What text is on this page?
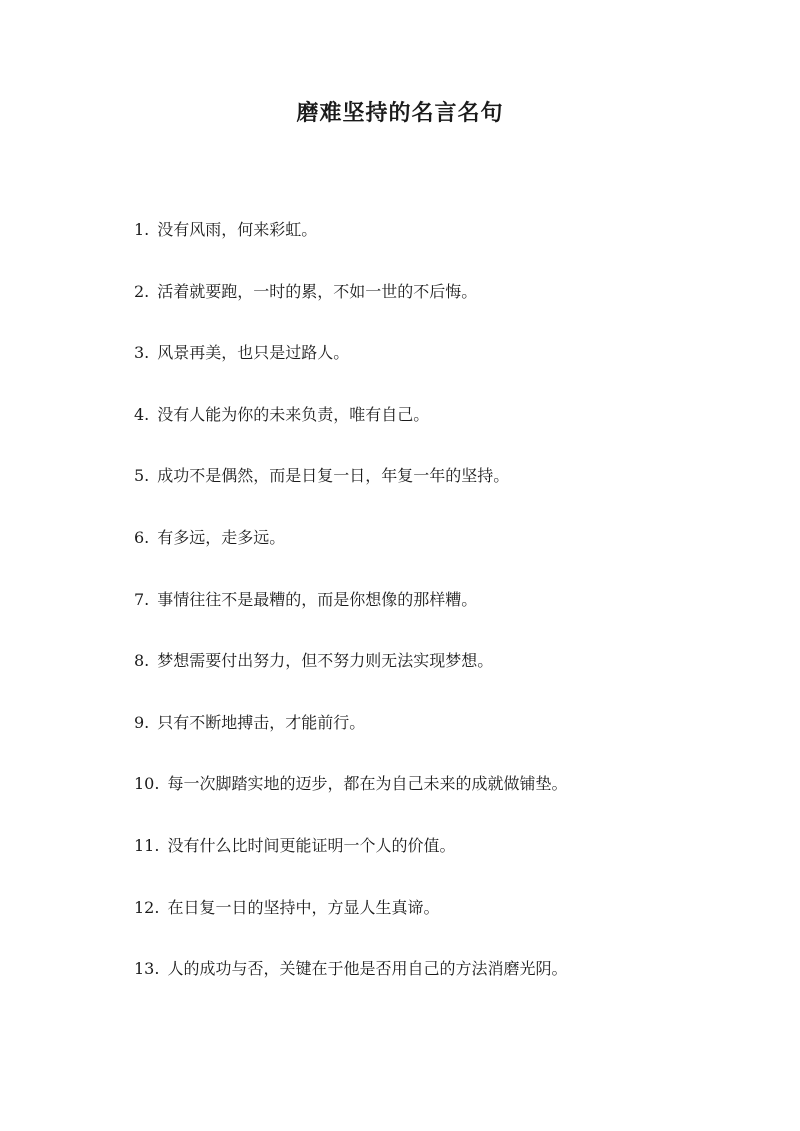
磨难坚持的名言名句
1. 没有风雨，何来彩虹。
2. 活着就要跑，一时的累，不如一世的不后悔。
3. 风景再美，也只是过路人。
4. 没有人能为你的未来负责，唯有自己。
5. 成功不是偶然，而是日复一日，年复一年的坚持。
6. 有多远，走多远。
7. 事情往往不是最糟的，而是你想像的那样糟。
8. 梦想需要付出努力，但不努力则无法实现梦想。
9. 只有不断地搏击，才能前行。
10. 每一次脚踏实地的迈步，都在为自己未来的成就做铺垫。
11. 没有什么比时间更能证明一个人的价值。
12. 在日复一日的坚持中，方显人生真谛。
13. 人的成功与否，关键在于他是否用自己的方法消磨光阴。
